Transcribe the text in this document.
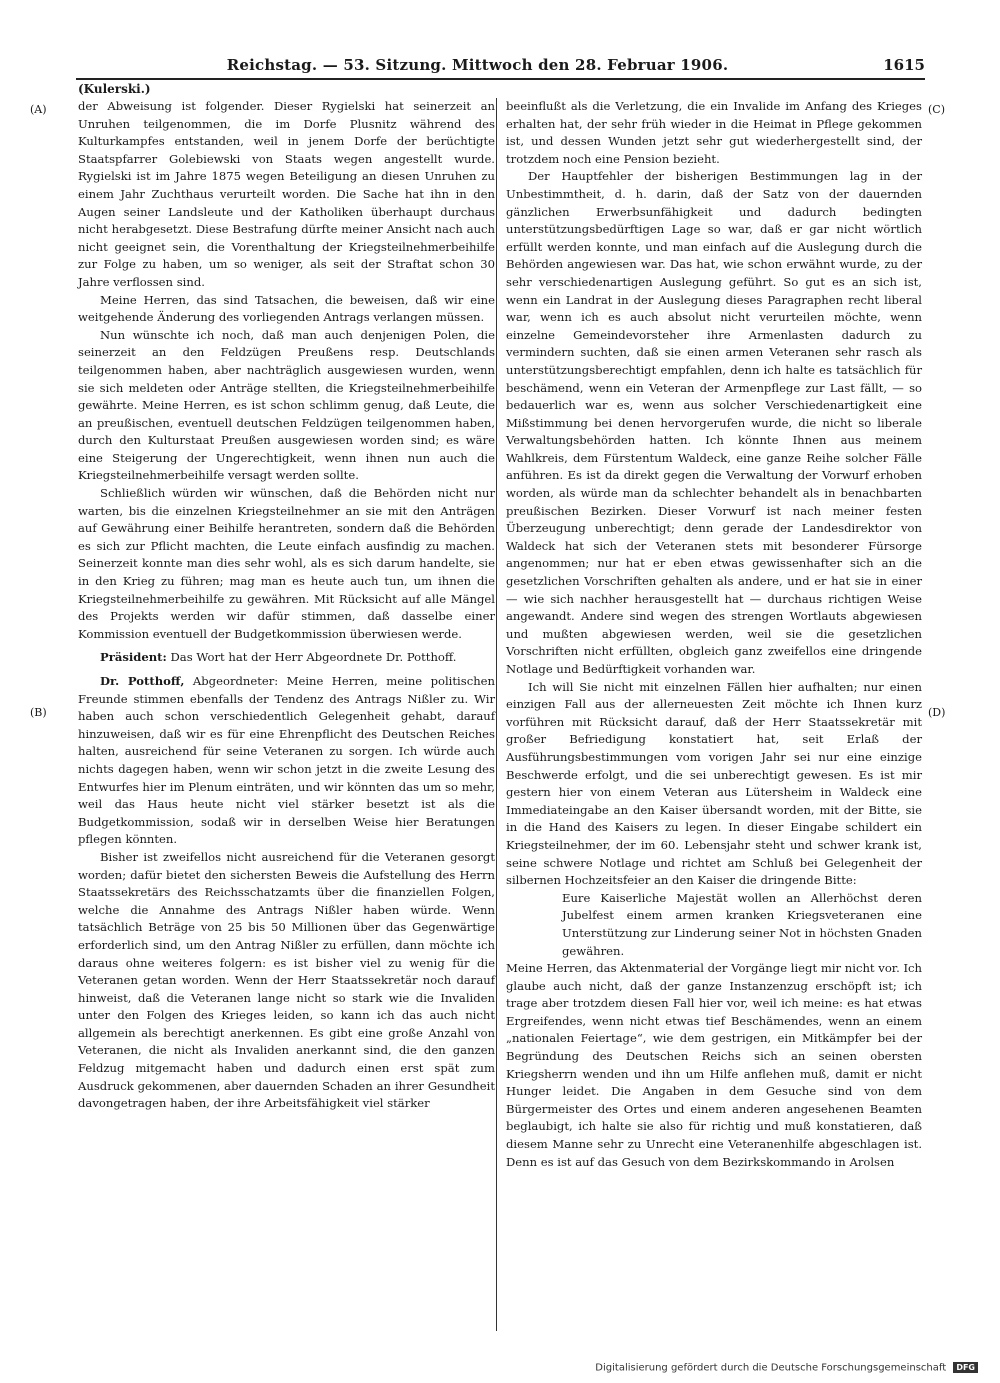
Reichstag. — 53. Sitzung. Mittwoch den 28. Februar 1906.	1615
(Kulerski.)
(A)
(B)
(C)
(D)

der Abweisung ist folgender. Dieser Rygielski hat seinerzeit an Unruhen teilgenommen, die im Dorfe Plusnitz während des Kulturkampfes entstanden, weil in jenem Dorfe der berüchtigte Staatspfarrer Golebiewski von Staats wegen angestellt wurde. Rygielski ist im Jahre 1875 wegen Beteiligung an diesen Unruhen zu einem Jahr Zuchthaus verurteilt worden. Die Sache hat ihn in den Augen seiner Landsleute und der Katholiken überhaupt durchaus nicht herabgesetzt. Diese Bestrafung dürfte meiner Ansicht nach auch nicht geeignet sein, die Vorenthaltung der Kriegsteilnehmerbeihilfe zur Folge zu haben, um so weniger, als seit der Straftat schon 30 Jahre verflossen sind.

Meine Herren, das sind Tatsachen, die beweisen, daß wir eine weitgehende Änderung des vorliegenden Antrags verlangen müssen.

Nun wünschte ich noch, daß man auch denjenigen Polen, die seinerzeit an den Feldzügen Preußens resp. Deutschlands teilgenommen haben, aber nachträglich ausgewiesen wurden, wenn sie sich meldeten oder Anträge stellten, die Kriegsteilnehmerbeihilfe gewährte. Meine Herren, es ist schon schlimm genug, daß Leute, die an preußischen, eventuell deutschen Feldzügen teilgenommen haben, durch den Kulturstaat Preußen ausgewiesen worden sind; es wäre eine Steigerung der Ungerechtigkeit, wenn ihnen nun auch die Kriegsteilnehmerbeihilfe versagt werden sollte.

Schließlich würden wir wünschen, daß die Behörden nicht nur warten, bis die einzelnen Kriegsteilnehmer an sie mit den Anträgen auf Gewährung einer Beihilfe herantreten, sondern daß die Behörden es sich zur Pflicht machten, die Leute einfach ausfindig zu machen. Seinerzeit konnte man dies sehr wohl, als es sich darum handelte, sie in den Krieg zu führen; mag man es heute auch tun, um ihnen die Kriegsteilnehmerbeihilfe zu gewähren. Mit Rücksicht auf alle Mängel des Projekts werden wir dafür stimmen, daß dasselbe einer Kommission eventuell der Budgetkommission überwiesen werde.

Präsident: Das Wort hat der Herr Abgeordnete Dr. Potthoff.

Dr. Potthoff, Abgeordneter: Meine Herren, meine politischen Freunde stimmen ebenfalls der Tendenz des Antrags Nißler zu. Wir haben auch schon verschiedentlich Gelegenheit gehabt, darauf hinzuweisen, daß wir es für eine Ehrenpflicht des Deutschen Reiches halten, ausreichend für seine Veteranen zu sorgen. Ich würde auch nichts dagegen haben, wenn wir schon jetzt in die zweite Lesung des Entwurfes hier im Plenum einträten, und wir könnten das um so mehr, weil das Haus heute nicht viel stärker besetzt ist als die Budgetkommission, sodaß wir in derselben Weise hier Beratungen pflegen könnten.

Bisher ist zweifellos nicht ausreichend für die Veteranen gesorgt worden; dafür bietet den sichersten Beweis die Aufstellung des Herrn Staatssekretärs des Reichsschatzamts über die finanziellen Folgen, welche die Annahme des Antrags Nißler haben würde. Wenn tatsächlich Beträge von 25 bis 50 Millionen über das Gegenwärtige erforderlich sind, um den Antrag Nißler zu erfüllen, dann möchte ich daraus ohne weiteres folgern: es ist bisher viel zu wenig für die Veteranen getan worden. Wenn der Herr Staatssekretär noch darauf hinweist, daß die Veteranen lange nicht so stark wie die Invaliden unter den Folgen des Krieges leiden, so kann ich das auch nicht allgemein als berechtigt anerkennen. Es gibt eine große Anzahl von Veteranen, die nicht als Invaliden anerkannt sind, die den ganzen Feldzug mitgemacht haben und dadurch einen erst spät zum Ausdruck gekommenen, aber dauernden Schaden an ihrer Gesundheit davongetragen haben, der ihre Arbeitsfähigkeit viel stärker

beeinflußt als die Verletzung, die ein Invalide im Anfang des Krieges erhalten hat, der sehr früh wieder in die Heimat in Pflege gekommen ist, und dessen Wunden jetzt sehr gut wiederhergestellt sind, der trotzdem noch eine Pension bezieht.

Der Hauptfehler der bisherigen Bestimmungen lag in der Unbestimmtheit, d. h. darin, daß der Satz von der dauernden gänzlichen Erwerbsunfähigkeit und dadurch bedingten unterstützungsbedürftigen Lage so war, daß er gar nicht wörtlich erfüllt werden konnte, und man einfach auf die Auslegung durch die Behörden angewiesen war. Das hat, wie schon erwähnt wurde, zu der sehr verschiedenartigen Auslegung geführt. So gut es an sich ist, wenn ein Landrat in der Auslegung dieses Paragraphen recht liberal war, wenn ich es auch absolut nicht verurteilen möchte, wenn einzelne Gemeindevorsteher ihre Armenlasten dadurch zu vermindern suchten, daß sie einen armen Veteranen sehr rasch als unterstützungsberechtigt empfahlen, denn ich halte es tatsächlich für beschämend, wenn ein Veteran der Armenpflege zur Last fällt, — so bedauerlich war es, wenn aus solcher Verschiedenartigkeit eine Mißstimmung bei denen hervorgerufen wurde, die nicht so liberale Verwaltungsbehörden hatten. Ich könnte Ihnen aus meinem Wahlkreis, dem Fürstentum Waldeck, eine ganze Reihe solcher Fälle anführen. Es ist da direkt gegen die Verwaltung der Vorwurf erhoben worden, als würde man da schlechter behandelt als in benachbarten preußischen Bezirken. Dieser Vorwurf ist nach meiner festen Überzeugung unberechtigt; denn gerade der Landesdirektor von Waldeck hat sich der Veteranen stets mit besonderer Fürsorge angenommen; nur hat er eben etwas gewissenhafter sich an die gesetzlichen Vorschriften gehalten als andere, und er hat sie in einer — wie sich nachher herausgestellt hat — durchaus richtigen Weise angewandt. Andere sind wegen des strengen Wortlauts abgewiesen und mußten abgewiesen werden, weil sie die gesetzlichen Vorschriften nicht erfüllten, obgleich ganz zweifellos eine dringende Notlage und Bedürftigkeit vorhanden war.

Ich will Sie nicht mit einzelnen Fällen hier aufhalten; nur einen einzigen Fall aus der allerneuesten Zeit möchte ich Ihnen kurz vorführen mit Rücksicht darauf, daß der Herr Staatssekretär mit großer Befriedigung konstatiert hat, seit Erlaß der Ausführungsbestimmungen vom vorigen Jahr sei nur eine einzige Beschwerde erfolgt, und die sei unberechtigt gewesen. Es ist mir gestern hier von einem Veteran aus Lütersheim in Waldeck eine Immediateingabe an den Kaiser übersandt worden, mit der Bitte, sie in die Hand des Kaisers zu legen. In dieser Eingabe schildert ein Kriegsteilnehmer, der im 60. Lebensjahr steht und schwer krank ist, seine schwere Notlage und richtet am Schluß bei Gelegenheit der silbernen Hochzeitsfeier an den Kaiser die dringende Bitte:

Eure Kaiserliche Majestät wollen an Allerhöchst deren Jubelfest einem armen kranken Kriegsveteranen eine Unterstützung zur Linderung seiner Not in höchsten Gnaden gewähren.

Meine Herren, das Aktenmaterial der Vorgänge liegt mir nicht vor. Ich glaube auch nicht, daß der ganze Instanzenzug erschöpft ist; ich trage aber trotzdem diesen Fall hier vor, weil ich meine: es hat etwas Ergreifendes, wenn nicht etwas tief Beschämendes, wenn an einem „nationalen Feiertage“, wie dem gestrigen, ein Mitkämpfer bei der Begründung des Deutschen Reichs sich an seinen obersten Kriegsherrn wenden und ihn um Hilfe anflehen muß, damit er nicht Hunger leidet. Die Angaben in dem Gesuche sind von dem Bürgermeister des Ortes und einem anderen angesehenen Beamten beglaubigt, ich halte sie also für richtig und muß konstatieren, daß diesem Manne sehr zu Unrecht eine Veteranenhilfe abgeschlagen ist. Denn es ist auf das Gesuch von dem Bezirkskommando in Arolsen

Digitalisierung gefördert durch die Deutsche Forschungsgemeinschaft DFG
